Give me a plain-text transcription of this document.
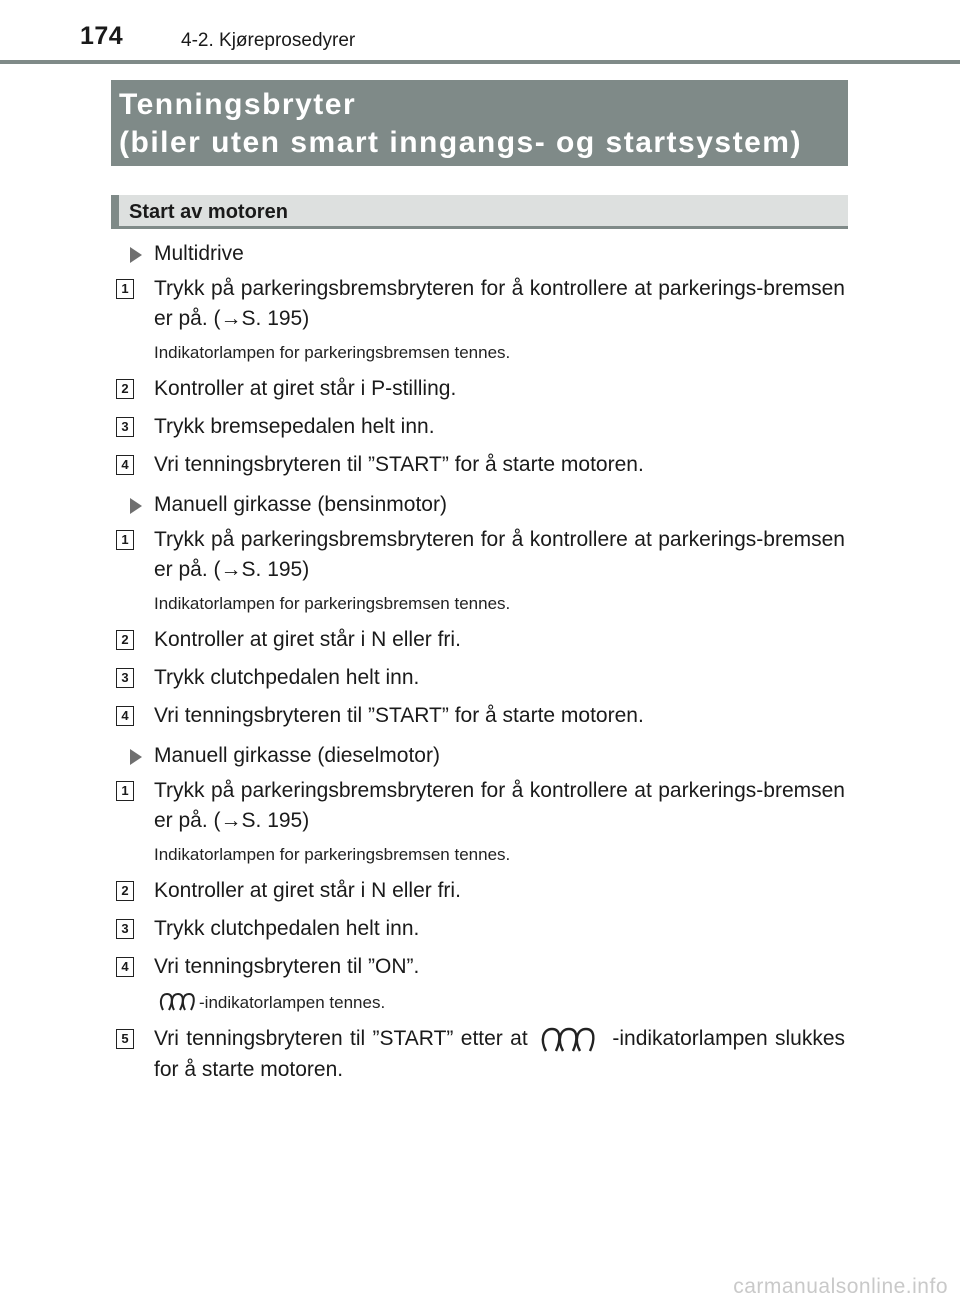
174	4-2. Kjøreprosedyrer
Tenningsbryter
(biler uten smart inngangs- og startsystem)
Start av motoren
Multidrive
1 Trykk på parkeringsbremsbryteren for å kontrollere at parkerings-bremsen er på. (→S. 195)
Indikatorlampen for parkeringsbremsen tennes.
2 Kontroller at giret står i P-stilling.
3 Trykk bremsepedalen helt inn.
4 Vri tenningsbryteren til ”START” for å starte motoren.
Manuell girkasse (bensinmotor)
1 Trykk på parkeringsbremsbryteren for å kontrollere at parkerings-bremsen er på. (→S. 195)
Indikatorlampen for parkeringsbremsen tennes.
2 Kontroller at giret står i N eller fri.
3 Trykk clutchpedalen helt inn.
4 Vri tenningsbryteren til ”START” for å starte motoren.
Manuell girkasse (dieselmotor)
1 Trykk på parkeringsbremsbryteren for å kontrollere at parkerings-bremsen er på. (→S. 195)
Indikatorlampen for parkeringsbremsen tennes.
2 Kontroller at giret står i N eller fri.
3 Trykk clutchpedalen helt inn.
4 Vri tenningsbryteren til ”ON”.
-indikatorlampen tennes.
5 Vri tenningsbryteren til ”START” etter at	-indikatorlampen slukkes for å starte motoren.
carmanualsonline.info
